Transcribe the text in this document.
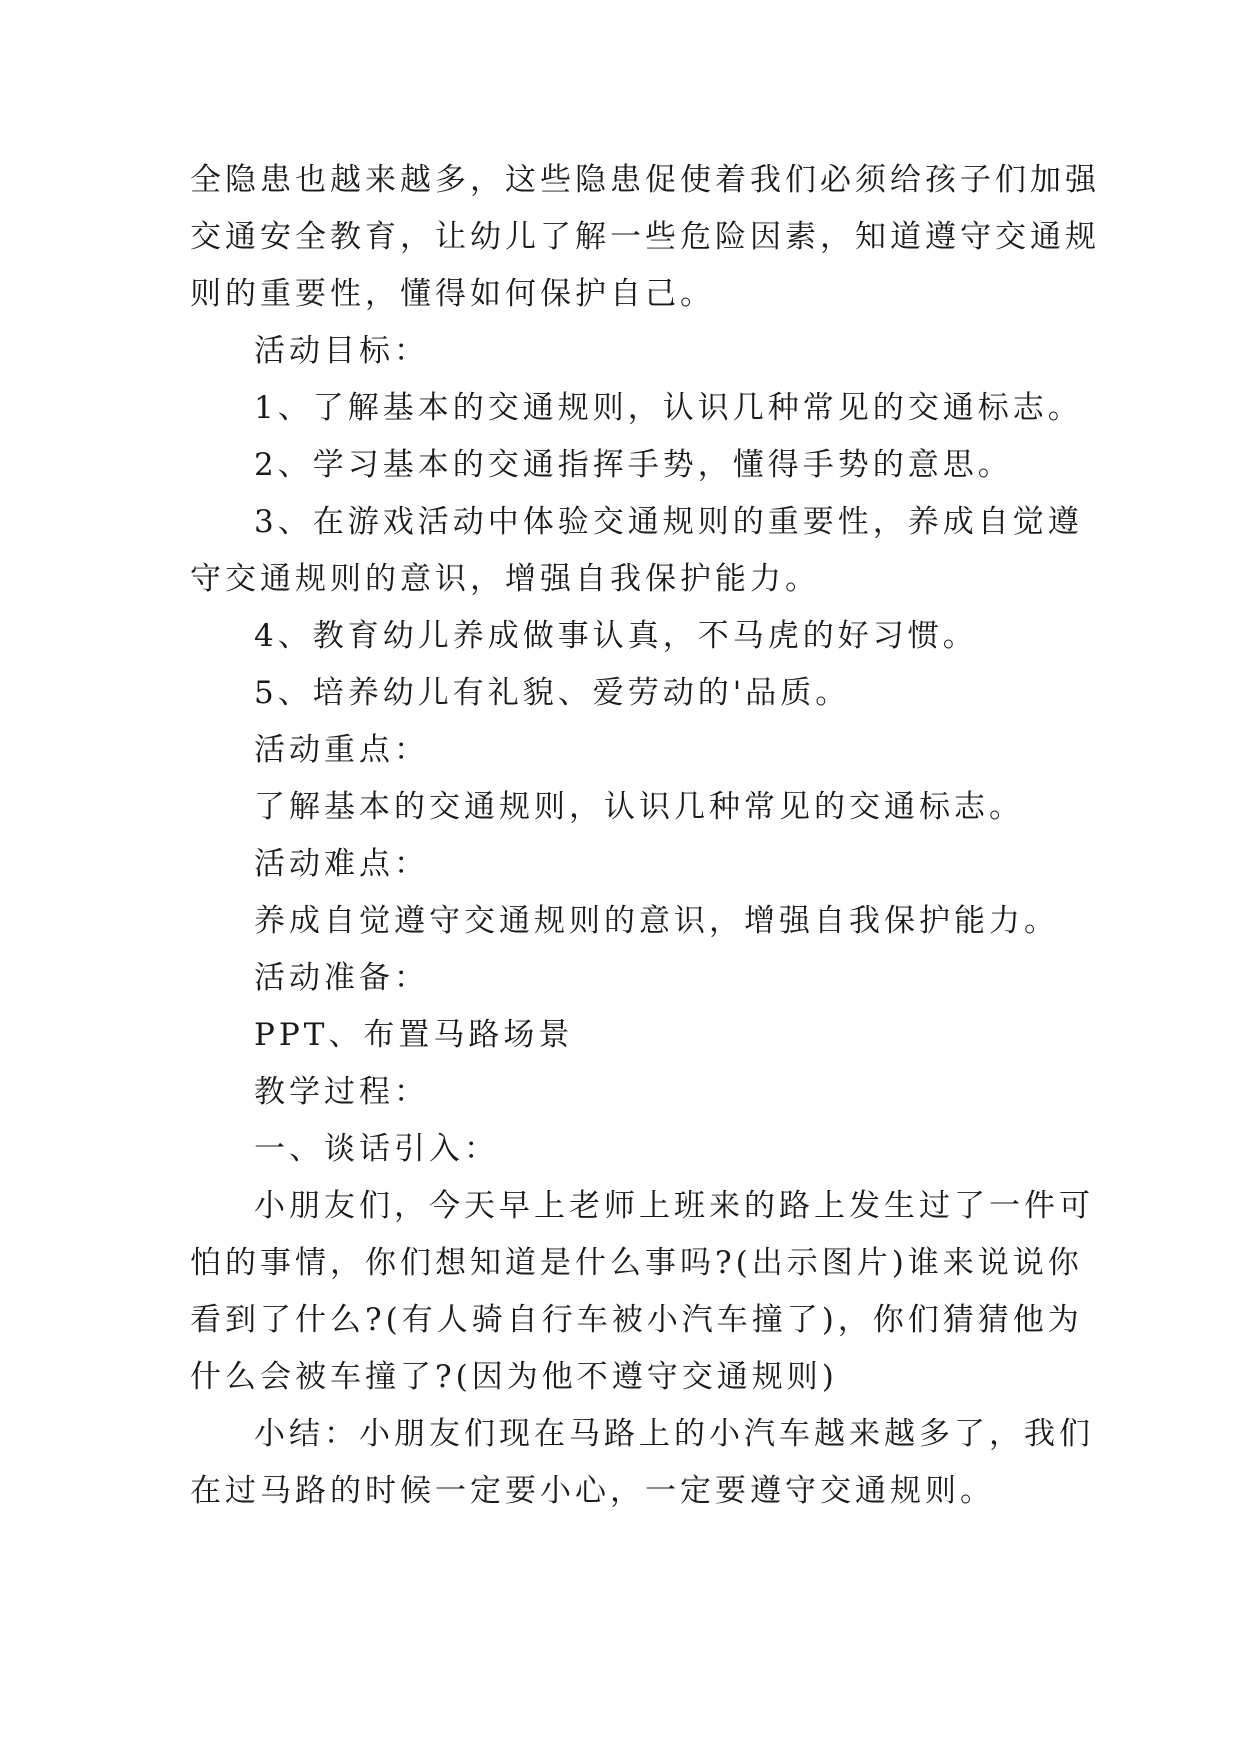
全隐患也越来越多，这些隐患促使着我们必须给孩子们加强
交通安全教育，让幼儿了解一些危险因素，知道遵守交通规
则的重要性，懂得如何保护自己。
活动目标：
1、了解基本的交通规则，认识几种常见的交通标志。
2、学习基本的交通指挥手势，懂得手势的意思。
3、在游戏活动中体验交通规则的重要性，养成自觉遵
守交通规则的意识，增强自我保护能力。
4、教育幼儿养成做事认真，不马虎的好习惯。
5、培养幼儿有礼貌、爱劳动的'品质。
活动重点：
了解基本的交通规则，认识几种常见的交通标志。
活动难点：
养成自觉遵守交通规则的意识，增强自我保护能力。
活动准备：
PPT、布置马路场景
教学过程：
一、谈话引入：
小朋友们，今天早上老师上班来的路上发生过了一件可
怕的事情，你们想知道是什么事吗?(出示图片)谁来说说你
看到了什么?(有人骑自行车被小汽车撞了)，你们猜猜他为
什么会被车撞了?(因为他不遵守交通规则)
小结：小朋友们现在马路上的小汽车越来越多了，我们
在过马路的时候一定要小心，一定要遵守交通规则。
